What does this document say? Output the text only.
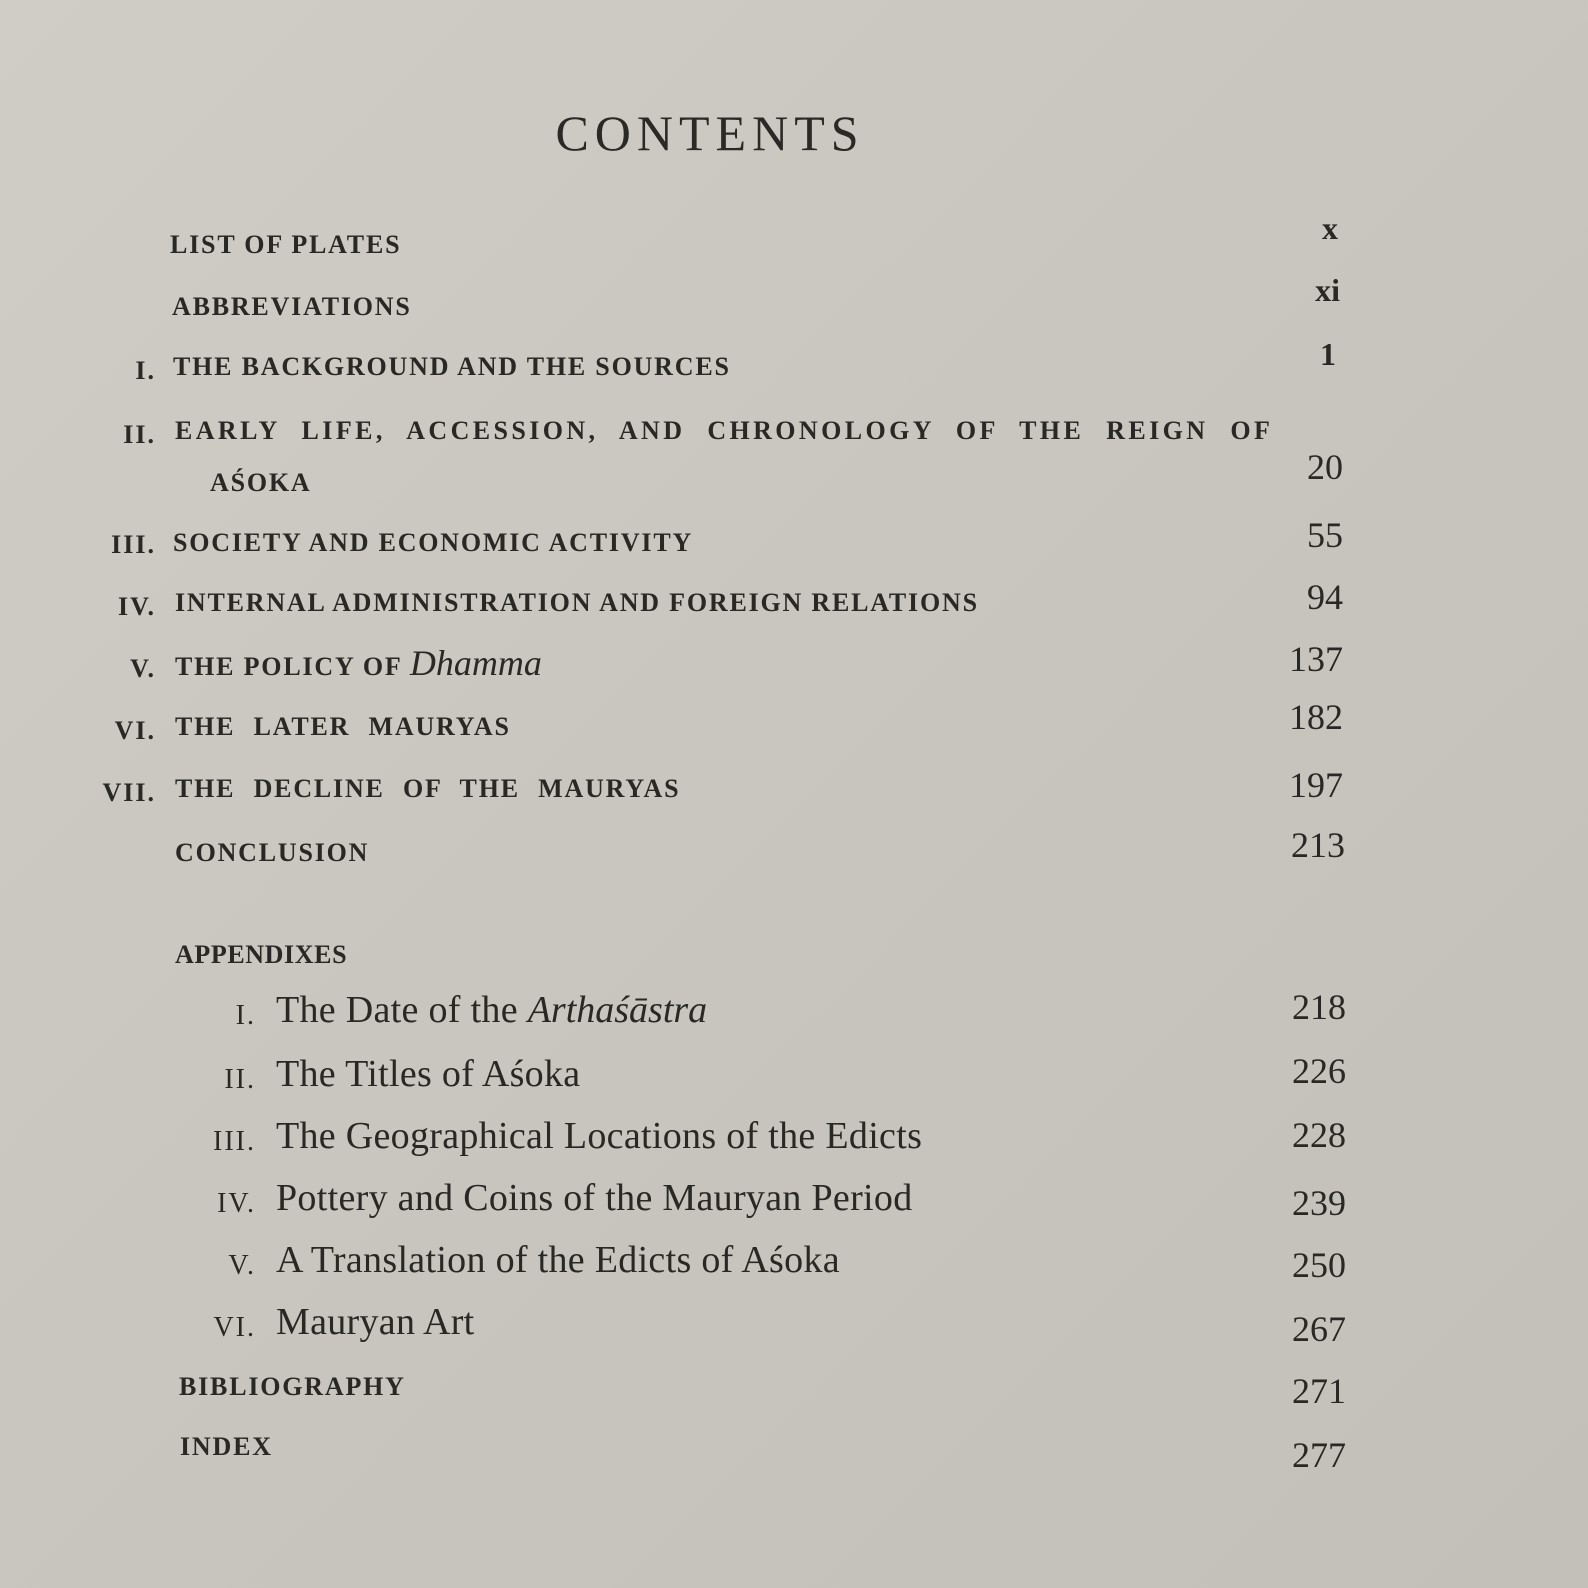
CONTENTS
LIST OF PLATES	x
ABBREVIATIONS	xi
I. THE BACKGROUND AND THE SOURCES	1
II. EARLY LIFE, ACCESSION, AND CHRONOLOGY OF THE REIGN OF
AŚOKA	20
III. SOCIETY AND ECONOMIC ACTIVITY	55
IV. INTERNAL ADMINISTRATION AND FOREIGN RELATIONS	94
V. THE POLICY OF Dhamma	137
VI. THE LATER MAURYAS	182
VII. THE DECLINE OF THE MAURYAS	197
CONCLUSION	213
APPENDIXES
I. The Date of the Arthaśāstra	218
II. The Titles of Aśoka	226
III. The Geographical Locations of the Edicts	228
IV. Pottery and Coins of the Mauryan Period	239
V. A Translation of the Edicts of Aśoka	250
VI. Mauryan Art	267
BIBLIOGRAPHY	271
INDEX	277
